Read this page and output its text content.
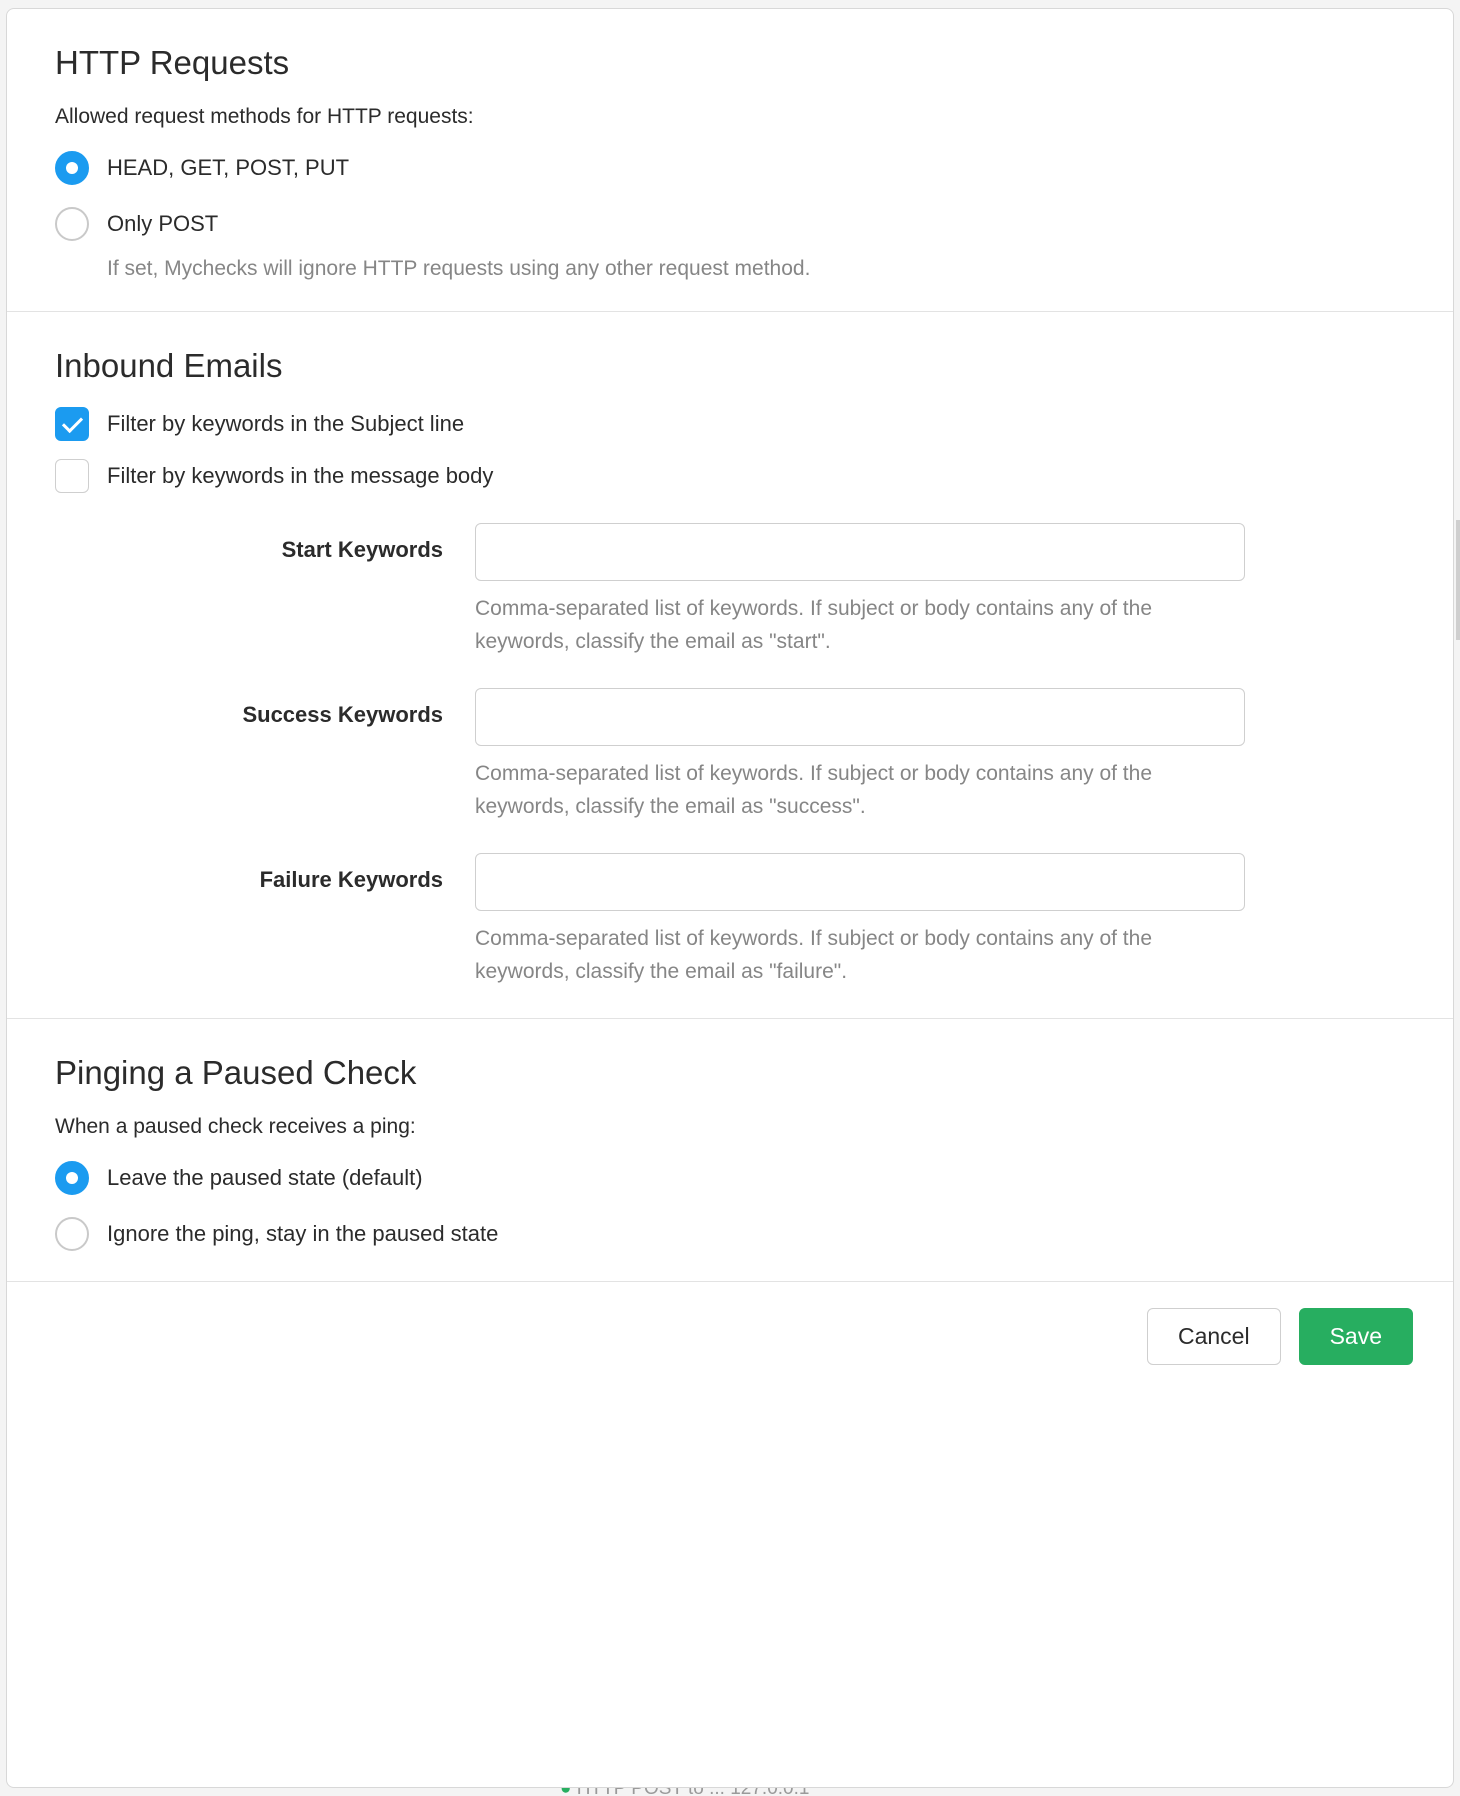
HTTP Requests

Allowed request methods for HTTP requests:

HEAD, GET, POST, PUT
Only POST

If set, Mychecks will ignore HTTP requests using any other request method.

Inbound Emails
Filter by keywords in the Subject line
Filter by keywords in the message body
Start Keywords
Comma-separated list of keywords. If subject or body contains any of the keywords, classify the email as "start".
Success Keywords
Comma-separated list of keywords. If subject or body contains any of the keywords, classify the email as "success".
Failure Keywords
Comma-separated list of keywords. If subject or body contains any of the keywords, classify the email as "failure".
Pinging a Paused Check

When a paused check receives a ping:

Leave the paused state (default)
Ignore the ping, stay in the paused state
Cancel	Save
